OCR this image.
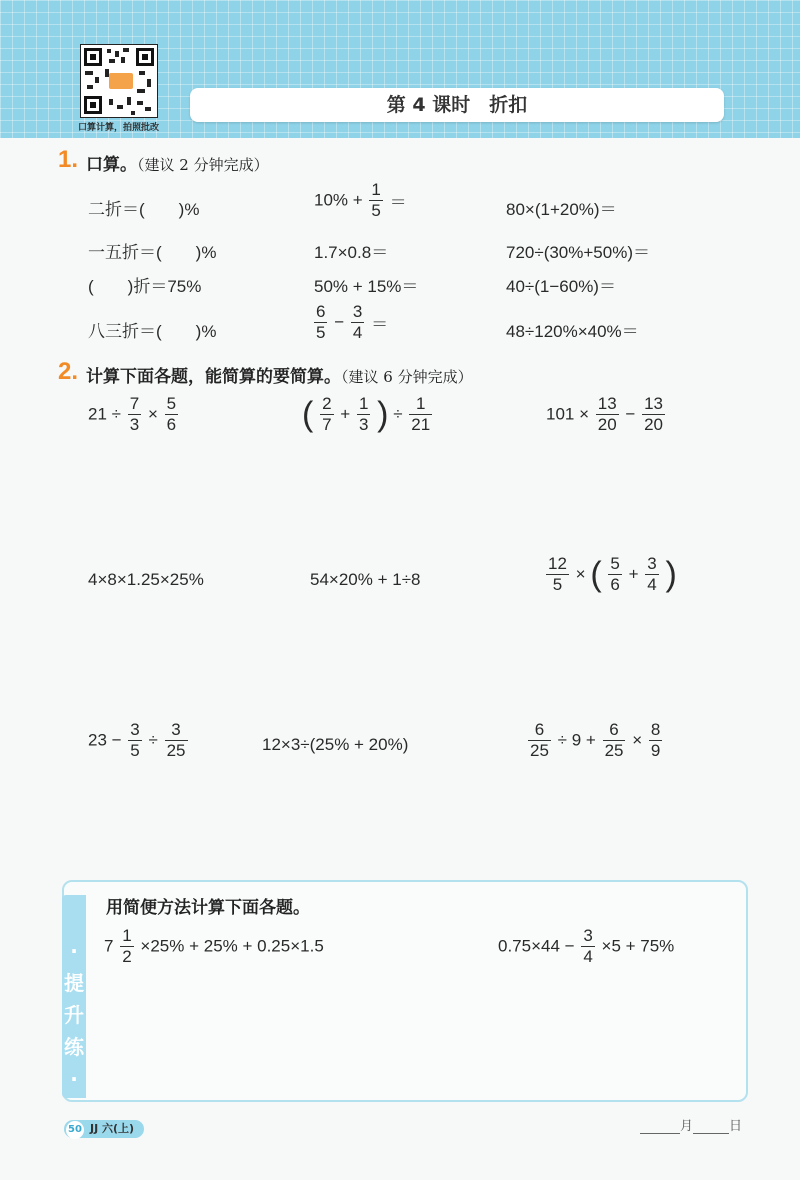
口算计算，拍照批改
第 4 课时　折扣
1. 口算。（建议 2 分钟完成）
二折＝(　　)%	$10\% + \frac{1}{5}$ ＝	80×(1+20%)＝
一五折＝(　　)%	1.7×0.8＝	720÷(30%+50%)＝
(　　)折＝75%	50% + 15%＝	40÷(1−60%)＝
八三折＝(　　)%	$\frac{6}{5} - \frac{3}{4}$ ＝	48÷120%×40%＝
2. 计算下面各题，能简算的要简算。（建议 6 分钟完成）
$21 \div \frac{7}{3} \times \frac{5}{6}$	( $\frac{2}{7} + \frac{1}{3}$ ) ÷ $\frac{1}{21}$	$101 \times \frac{13}{20} - \frac{13}{20}$
4×8×1.25×25%	54×20% + 1÷8	$\frac{12}{5}$ × ( $\frac{5}{6} + \frac{3}{4}$ )
$23 - \frac{3}{5} \div \frac{3}{25}$	12×3÷(25% + 20%)	$\frac{6}{25} \div 9 + \frac{6}{25} \times \frac{8}{9}$
·
提
升
练
·
用简便方法计算下面各题。
$7 \frac{1}{2} \times 25\% + 25\% + 0.25\times 1.5$	$0.75\times 44 - \frac{3}{4} \times 5 + 75\%$
50 JJ 六(上)	月	日
